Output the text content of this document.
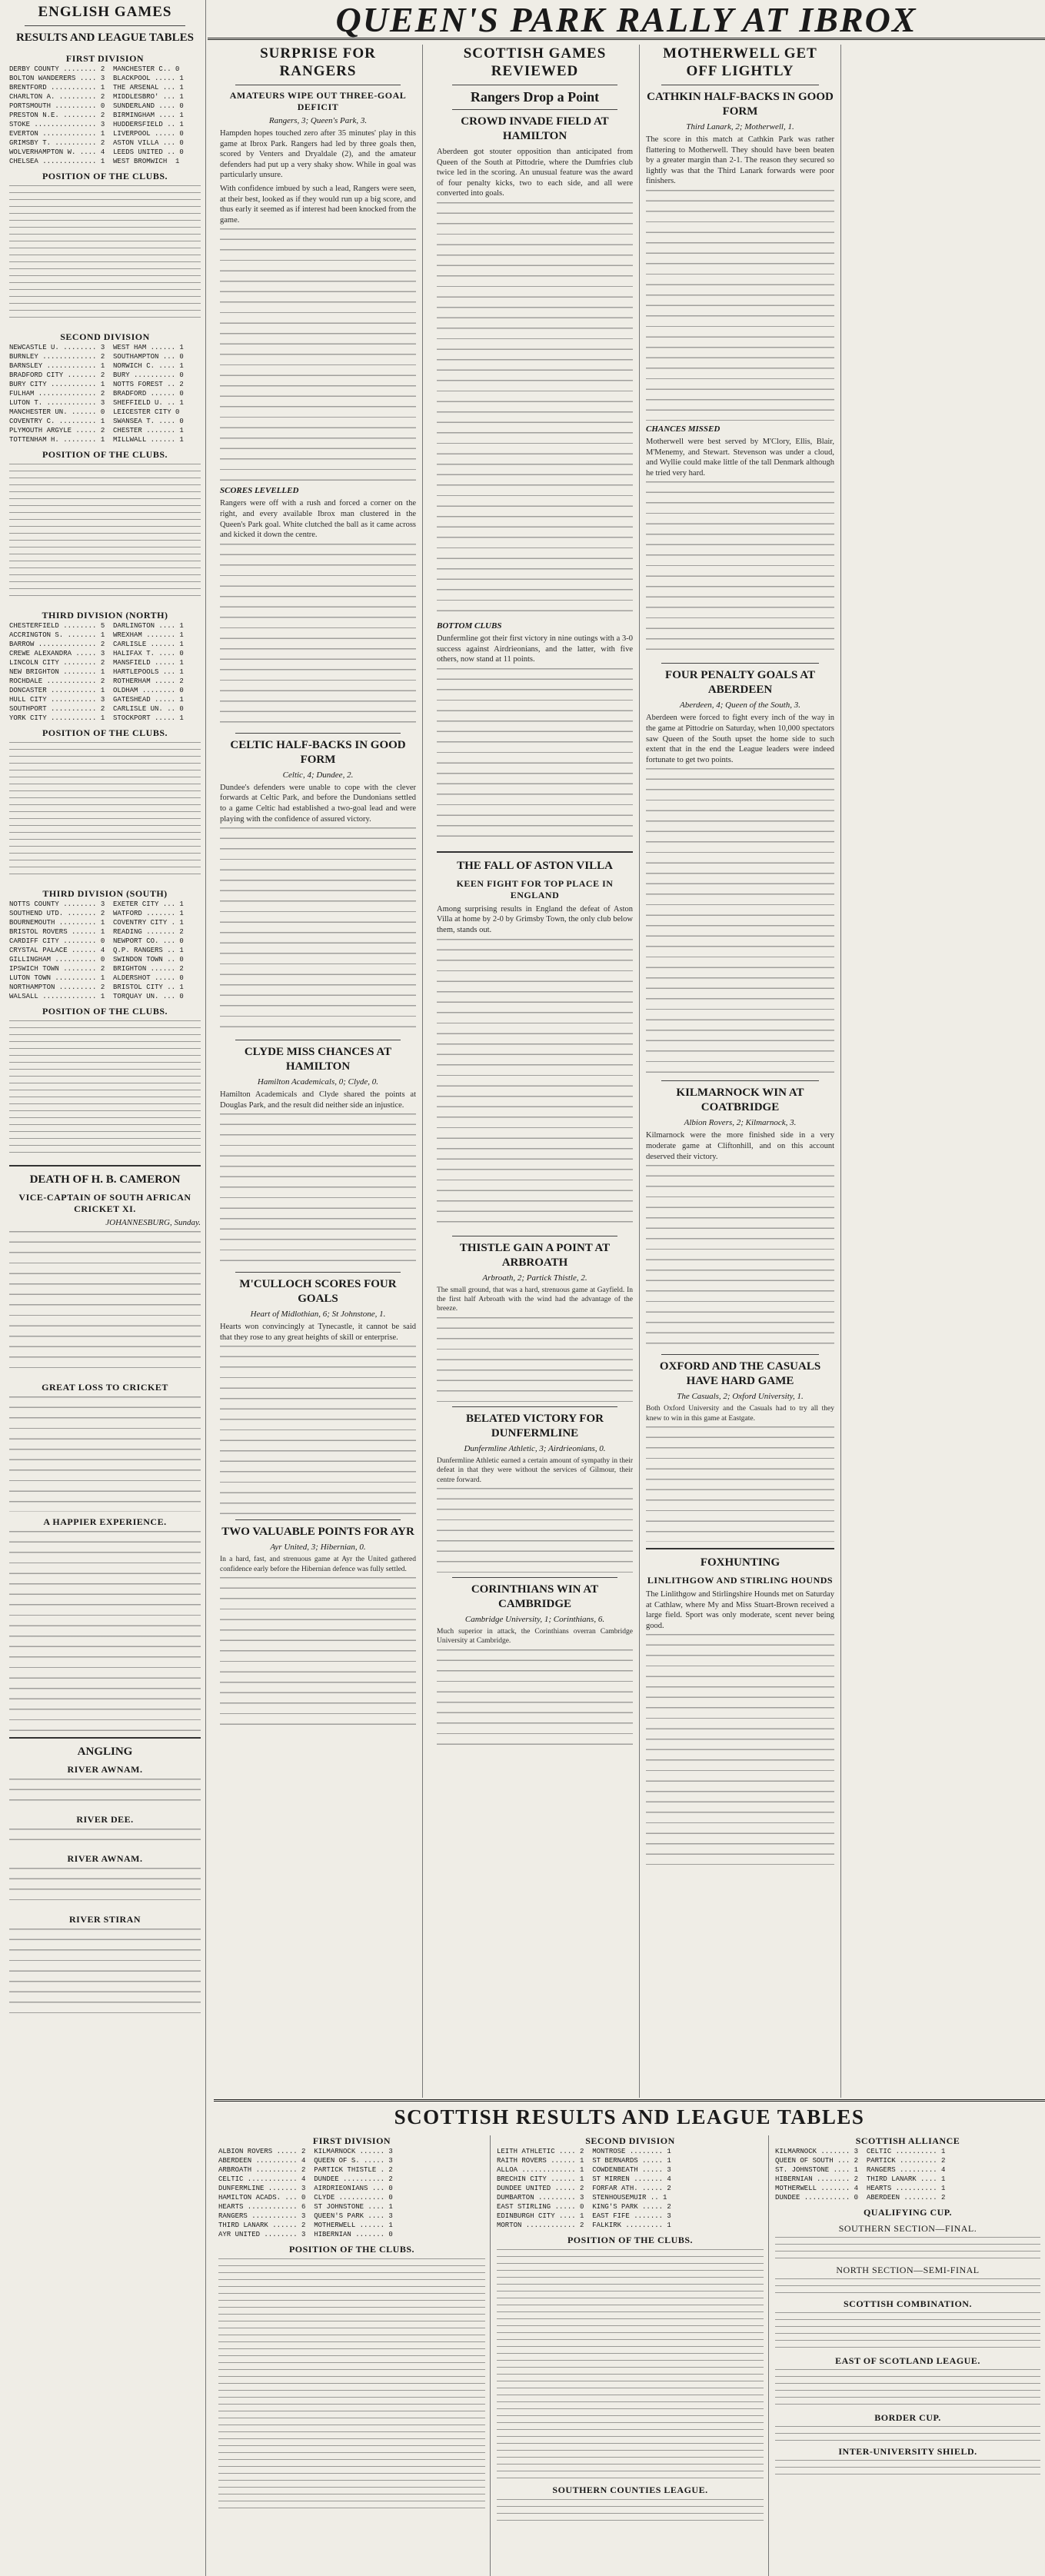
QUEEN'S PARK RALLY AT IBROX
ENGLISH GAMES
RESULTS AND LEAGUE TABLES
FIRST DIVISION
DERBY COUNTY ........ 2  MANCHESTER C.. 0
BOLTON WANDERERS .... 3  BLACKPOOL ..... 1
BRENTFORD ........... 1  THE ARSENAL ... 1
CHARLTON A. ......... 2  MIDDLESBRO' ... 1
PORTSMOUTH .......... 0  SUNDERLAND .... 0
PRESTON N.E. ........ 2  BIRMINGHAM .... 1
STOKE ............... 3  HUDDERSFIELD .. 1
EVERTON ............. 1  LIVERPOOL ..... 0
GRIMSBY T. .......... 2  ASTON VILLA ... 0
WOLVERHAMPTON W. .... 4  LEEDS UNITED .. 0
CHELSEA ............. 1  WEST BROMWICH  1
POSITION OF THE CLUBS.
SECOND DIVISION
NEWCASTLE U. ........ 3  WEST HAM ...... 1
BURNLEY ............. 2  SOUTHAMPTON ... 0
BARNSLEY ............ 1  NORWICH C. .... 1
BRADFORD CITY ....... 2  BURY .......... 0
BURY CITY ........... 1  NOTTS FOREST .. 2
FULHAM .............. 2  BRADFORD ...... 0
LUTON T. ............ 3  SHEFFIELD U. .. 1
MANCHESTER UN. ...... 0  LEICESTER CITY 0
COVENTRY C. ......... 1  SWANSEA T. .... 0
PLYMOUTH ARGYLE ..... 2  CHESTER ....... 1
TOTTENHAM H. ........ 1  MILLWALL ...... 1
POSITION OF THE CLUBS.
THIRD DIVISION (NORTH)
CHESTERFIELD ........ 5  DARLINGTON .... 1
ACCRINGTON S. ....... 1  WREXHAM ....... 1
BARROW .............. 2  CARLISLE ...... 1
CREWE ALEXANDRA ..... 3  HALIFAX T. .... 0
LINCOLN CITY ........ 2  MANSFIELD ..... 1
NEW BRIGHTON ........ 1  HARTLEPOOLS ... 1
ROCHDALE ............ 2  ROTHERHAM ..... 2
DONCASTER ........... 1  OLDHAM ........ 0
HULL CITY ........... 3  GATESHEAD ..... 1
SOUTHPORT ........... 2  CARLISLE UN. .. 0
YORK CITY ........... 1  STOCKPORT ..... 1
POSITION OF THE CLUBS.
THIRD DIVISION (SOUTH)
NOTTS COUNTY ........ 3  EXETER CITY ... 1
SOUTHEND UTD. ....... 2  WATFORD ....... 1
BOURNEMOUTH ......... 1  COVENTRY CITY . 1
BRISTOL ROVERS ...... 1  READING ....... 2
CARDIFF CITY ........ 0  NEWPORT CO. ... 0
CRYSTAL PALACE ...... 4  Q.P. RANGERS .. 1
GILLINGHAM .......... 0  SWINDON TOWN .. 0
IPSWICH TOWN ........ 2  BRIGHTON ...... 2
LUTON TOWN .......... 1  ALDERSHOT ..... 0
NORTHAMPTON ......... 2  BRISTOL CITY .. 1
WALSALL ............. 1  TORQUAY UN. ... 0
POSITION OF THE CLUBS.
DEATH OF H. B. CAMERON
VICE-CAPTAIN OF SOUTH AFRICAN CRICKET XI.
JOHANNESBURG, Sunday.
GREAT LOSS TO CRICKET
A HAPPIER EXPERIENCE.
ANGLING
RIVER AWNAM.
RIVER DEE.
RIVER AWNAM.
RIVER STIRAN
SURPRISE FOR RANGERS
AMATEURS WIPE OUT THREE-GOAL DEFICIT
Rangers, 3; Queen's Park, 3.
Hampden hopes touched zero after 35 minutes' play in this game at Ibrox Park. Rangers had led by three goals then, scored by Venters and Dryaldale (2), and the amateur defenders had put up a very shaky show. While in goal was particularly unsure.
With confidence imbued by such a lead, Rangers were seen, at their best, looked as if they would run up a big score, and thus early it seemed as if interest had been knocked from the game.
SCORES LEVELLED
Rangers were off with a rush and forced a corner on the right, and every available Ibrox man clustered in the Queen's Park goal. White clutched the ball as it came across and kicked it down the centre.
CELTIC HALF-BACKS IN GOOD FORM
Celtic, 4; Dundee, 2.
Dundee's defenders were unable to cope with the clever forwards at Celtic Park, and before the Dundonians settled to a game Celtic had established a two-goal lead and were playing with the confidence of assured victory.
CLYDE MISS CHANCES AT HAMILTON
Hamilton Academicals, 0; Clyde, 0.
Hamilton Academicals and Clyde shared the points at Douglas Park, and the result did neither side an injustice.
M'CULLOCH SCORES FOUR GOALS
Heart of Midlothian, 6; St Johnstone, 1.
Hearts won convincingly at Tynecastle, it cannot be said that they rose to any great heights of skill or enterprise.
TWO VALUABLE POINTS FOR AYR
Ayr United, 3; Hibernian, 0.
In a hard, fast, and strenuous game at Ayr the United gathered confidence early before the Hibernian defence was fully settled.
SCOTTISH GAMES REVIEWED
Rangers Drop a Point
CROWD INVADE FIELD AT HAMILTON
Aberdeen got stouter opposition than anticipated from Queen of the South at Pittodrie, where the Dumfries club twice led in the scoring. An unusual feature was the award of four penalty kicks, two to each side, and all were converted into goals.
BOTTOM CLUBS
Dunfermline got their first victory in nine outings with a 3-0 success against Airdrieonians, and the latter, with five others, now stand at 11 points.
THE FALL OF ASTON VILLA
KEEN FIGHT FOR TOP PLACE IN ENGLAND
Among surprising results in England the defeat of Aston Villa at home by 2-0 by Grimsby Town, the only club below them, stands out.
THISTLE GAIN A POINT AT ARBROATH
Arbroath, 2; Partick Thistle, 2.
The small ground, that was a hard, strenuous game at Gayfield. In the first half Arbroath with the wind had the advantage of the breeze.
BELATED VICTORY FOR DUNFERMLINE
Dunfermline Athletic, 3; Airdrieonians, 0.
Dunfermline Athletic earned a certain amount of sympathy in their defeat in that they were without the services of Gilmour, their centre forward.
CORINTHIANS WIN AT CAMBRIDGE
Cambridge University, 1; Corinthians, 6.
Much superior in attack, the Corinthians overran Cambridge University at Cambridge.
MOTHERWELL GET OFF LIGHTLY
CATHKIN HALF-BACKS IN GOOD FORM
Third Lanark, 2; Motherwell, 1.
The score in this match at Cathkin Park was rather flattering to Motherwell. They should have been beaten by a greater margin than 2-1. The reason they secured so lightly was that the Third Lanark forwards were poor finishers.
CHANCES MISSED
Motherwell were best served by M'Clory, Ellis, Blair, M'Menemy, and Stewart. Stevenson was under a cloud, and Wyllie could make little of the tall Denmark although he tried very hard.
FOUR PENALTY GOALS AT ABERDEEN
Aberdeen, 4; Queen of the South, 3.
Aberdeen were forced to fight every inch of the way in the game at Pittodrie on Saturday, when 10,000 spectators saw Queen of the South upset the home side to such extent that in the end the League leaders were indeed fortunate to get two points.
KILMARNOCK WIN AT COATBRIDGE
Albion Rovers, 2; Kilmarnock, 3.
Kilmarnock were the more finished side in a very moderate game at Cliftonhill, and on this account deserved their victory.
OXFORD AND THE CASUALS HAVE HARD GAME
The Casuals, 2; Oxford University, 1.
Both Oxford University and the Casuals had to try all they knew to win in this game at Eastgate.
FOXHUNTING
LINLITHGOW AND STIRLING HOUNDS
The Linlithgow and Stirlingshire Hounds met on Saturday at Cathlaw, where My and Miss Stuart-Brown received a large field. Sport was only moderate, scent never being good.
SCOTTISH RESULTS AND LEAGUE TABLES
FIRST DIVISION
ALBION ROVERS ..... 2  KILMARNOCK ...... 3
ABERDEEN .......... 4  QUEEN OF S. ..... 3
ARBROATH .......... 2  PARTICK THISTLE . 2
CELTIC ............ 4  DUNDEE .......... 2
DUNFERMLINE ....... 3  AIRDRIEONIANS ... 0
HAMILTON ACADS. ... 0  CLYDE ........... 0
HEARTS ............ 6  ST JOHNSTONE .... 1
RANGERS ........... 3  QUEEN'S PARK .... 3
THIRD LANARK ...... 2  MOTHERWELL ...... 1
AYR UNITED ........ 3  HIBERNIAN ....... 0
POSITION OF THE CLUBS.
SECOND DIVISION
LEITH ATHLETIC .... 2  MONTROSE ........ 1
RAITH ROVERS ...... 1  ST BERNARDS ..... 1
ALLOA ............. 1  COWDENBEATH ..... 3
BRECHIN CITY ...... 1  ST MIRREN ....... 4
DUNDEE UNITED ..... 2  FORFAR ATH. ..... 2
DUMBARTON ......... 3  STENHOUSEMUIR .. 1
EAST STIRLING ..... 0  KING'S PARK ..... 2
EDINBURGH CITY .... 1  EAST FIFE ....... 3
MORTON ............ 2  FALKIRK ......... 1
POSITION OF THE CLUBS.
SOUTHERN COUNTIES LEAGUE.
SCOTTISH ALLIANCE
KILMARNOCK ....... 3  CELTIC .......... 1
QUEEN OF SOUTH ... 2  PARTICK ......... 2
ST. JOHNSTONE .... 1  RANGERS ......... 4
HIBERNIAN ........ 2  THIRD LANARK .... 1
MOTHERWELL ....... 4  HEARTS .......... 1
DUNDEE ........... 0  ABERDEEN ........ 2
QUALIFYING CUP.
SOUTHERN SECTION—FINAL.
NORTH SECTION—SEMI-FINAL
SCOTTISH COMBINATION.
EAST OF SCOTLAND LEAGUE.
BORDER CUP.
INTER-UNIVERSITY SHIELD.
